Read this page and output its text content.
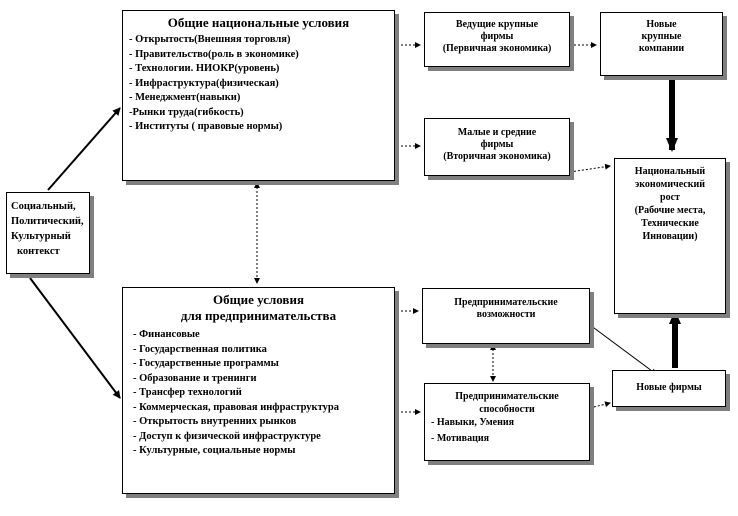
Социальный,
Политический,
Культурный
контекст
Общие национальные условия
- Открытость(Внешняя торговля)
- Правительство(роль в экономике)
- Технологии. НИОКР(уровень)
- Инфраструктура(физическая)
- Менеджмент(навыки)
-Рынки труда(гибкость)
- Институты ( правовые нормы)
Общие условия
для предпринимательства
- Финансовые
- Государственная политика
- Государственные программы
- Образование и тренинги
- Трансфер технологий
- Коммерческая, правовая инфраструктура
- Открытость внутренних рынков
- Доступ к физической инфраструктуре
- Культурные, социальные нормы
Ведущие крупные
фирмы
(Первичная экономика)
Малые и средние
фирмы
(Вторичная экономика)
Новые
крупные
компании
Национальный
экономический
рост
(Рабочие места,
Технические
Инновации)
Предпринимательские
возможности
Предпринимательские
способности
- Навыки, Умения
- Мотивация
Новые фирмы
